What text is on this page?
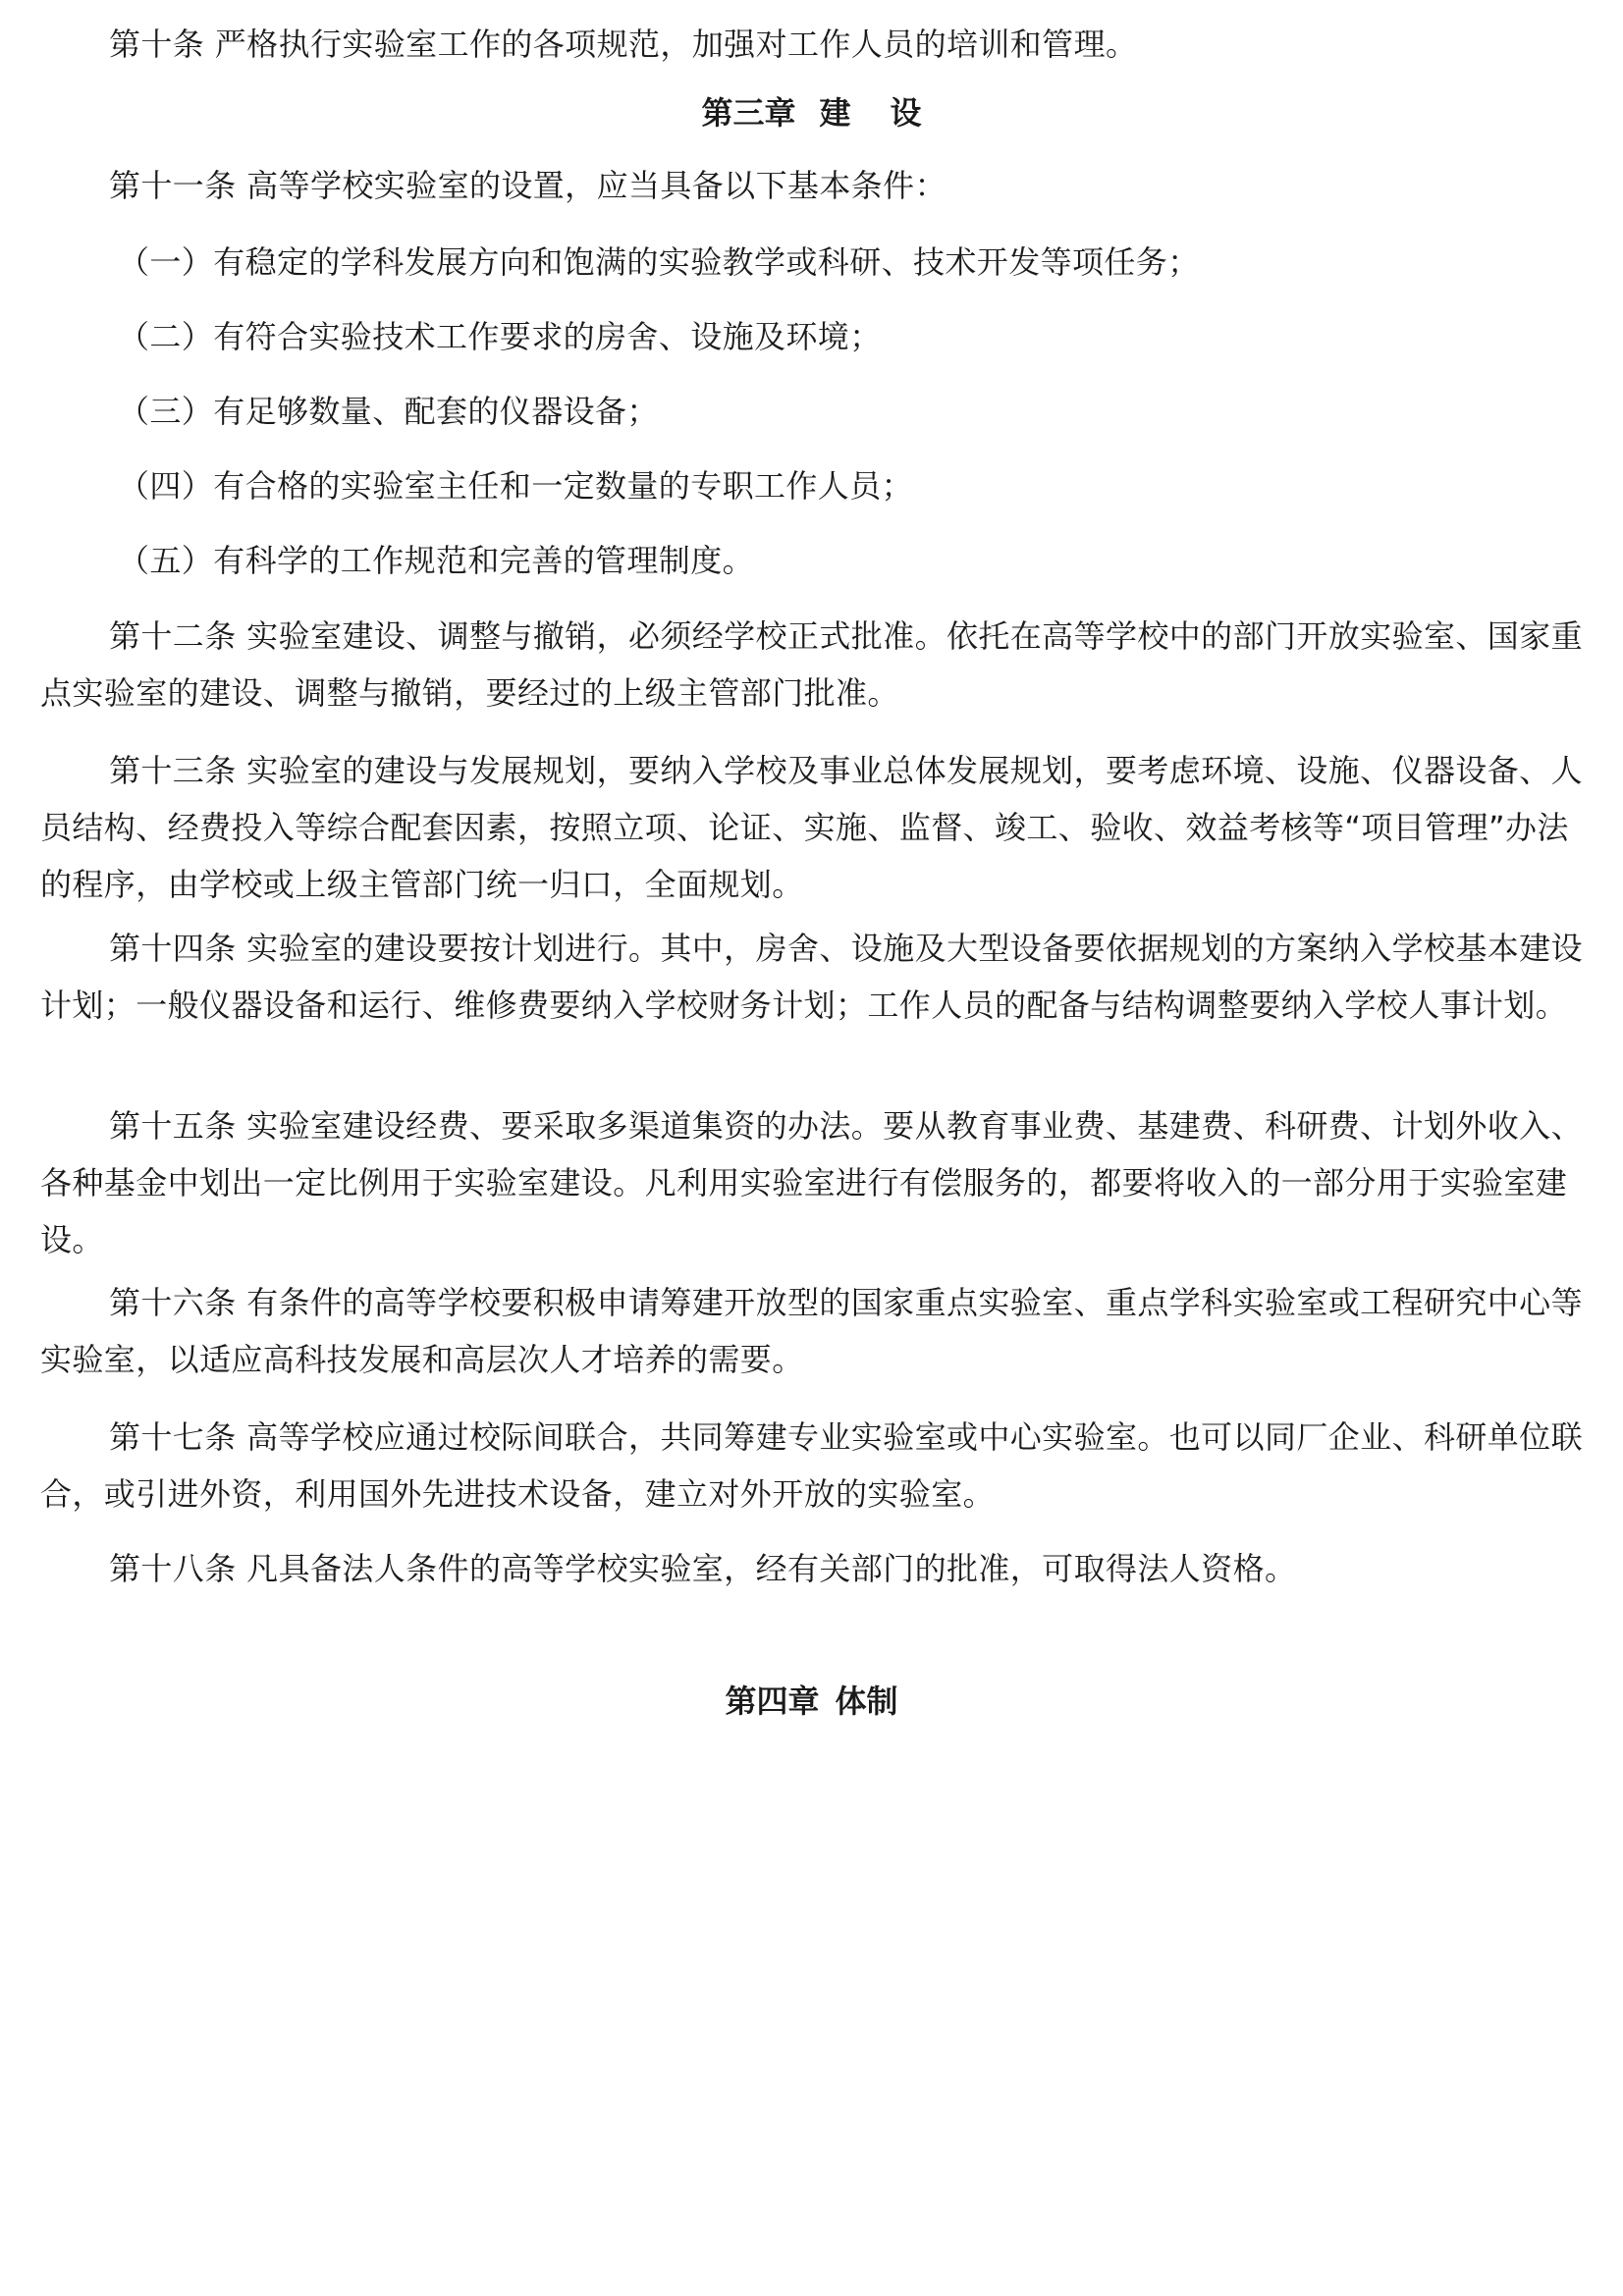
第十条 严格执行实验室工作的各项规范，加强对工作人员的培训和管理。

第三章 建 设

第十一条 高等学校实验室的设置，应当具备以下基本条件：

（一）有稳定的学科发展方向和饱满的实验教学或科研、技术开发等项任务；

（二）有符合实验技术工作要求的房舍、设施及环境；

（三）有足够数量、配套的仪器设备；

（四）有合格的实验室主任和一定数量的专职工作人员；

（五）有科学的工作规范和完善的管理制度。

第十二条 实验室建设、调整与撤销，必须经学校正式批准。依托在高等学校中的部门开放实验室、国家重点实验室的建设、调整与撤销，要经过的上级主管部门批准。

第十三条 实验室的建设与发展规划，要纳入学校及事业总体发展规划，要考虑环境、设施、仪器设备、人员结构、经费投入等综合配套因素，按照立项、论证、实施、监督、竣工、验收、效益考核等“项目管理”办法的程序，由学校或上级主管部门统一归口，全面规划。

第十四条 实验室的建设要按计划进行。其中，房舍、设施及大型设备要依据规划的方案纳入学校基本建设计划；一般仪器设备和运行、维修费要纳入学校财务计划；工作人员的配备与结构调整要纳入学校人事计划。

第十五条 实验室建设经费、要采取多渠道集资的办法。要从教育事业费、基建费、科研费、计划外收入、各种基金中划出一定比例用于实验室建设。凡利用实验室进行有偿服务的，都要将收入的一部分用于实验室建设。

第十六条 有条件的高等学校要积极申请筹建开放型的国家重点实验室、重点学科实验室或工程研究中心等实验室，以适应高科技发展和高层次人才培养的需要。

第十七条 高等学校应通过校际间联合，共同筹建专业实验室或中心实验室。也可以同厂企业、科研单位联合，或引进外资，利用国外先进技术设备，建立对外开放的实验室。

第十八条 凡具备法人条件的高等学校实验室，经有关部门的批准，可取得法人资格。

第四章 体制
